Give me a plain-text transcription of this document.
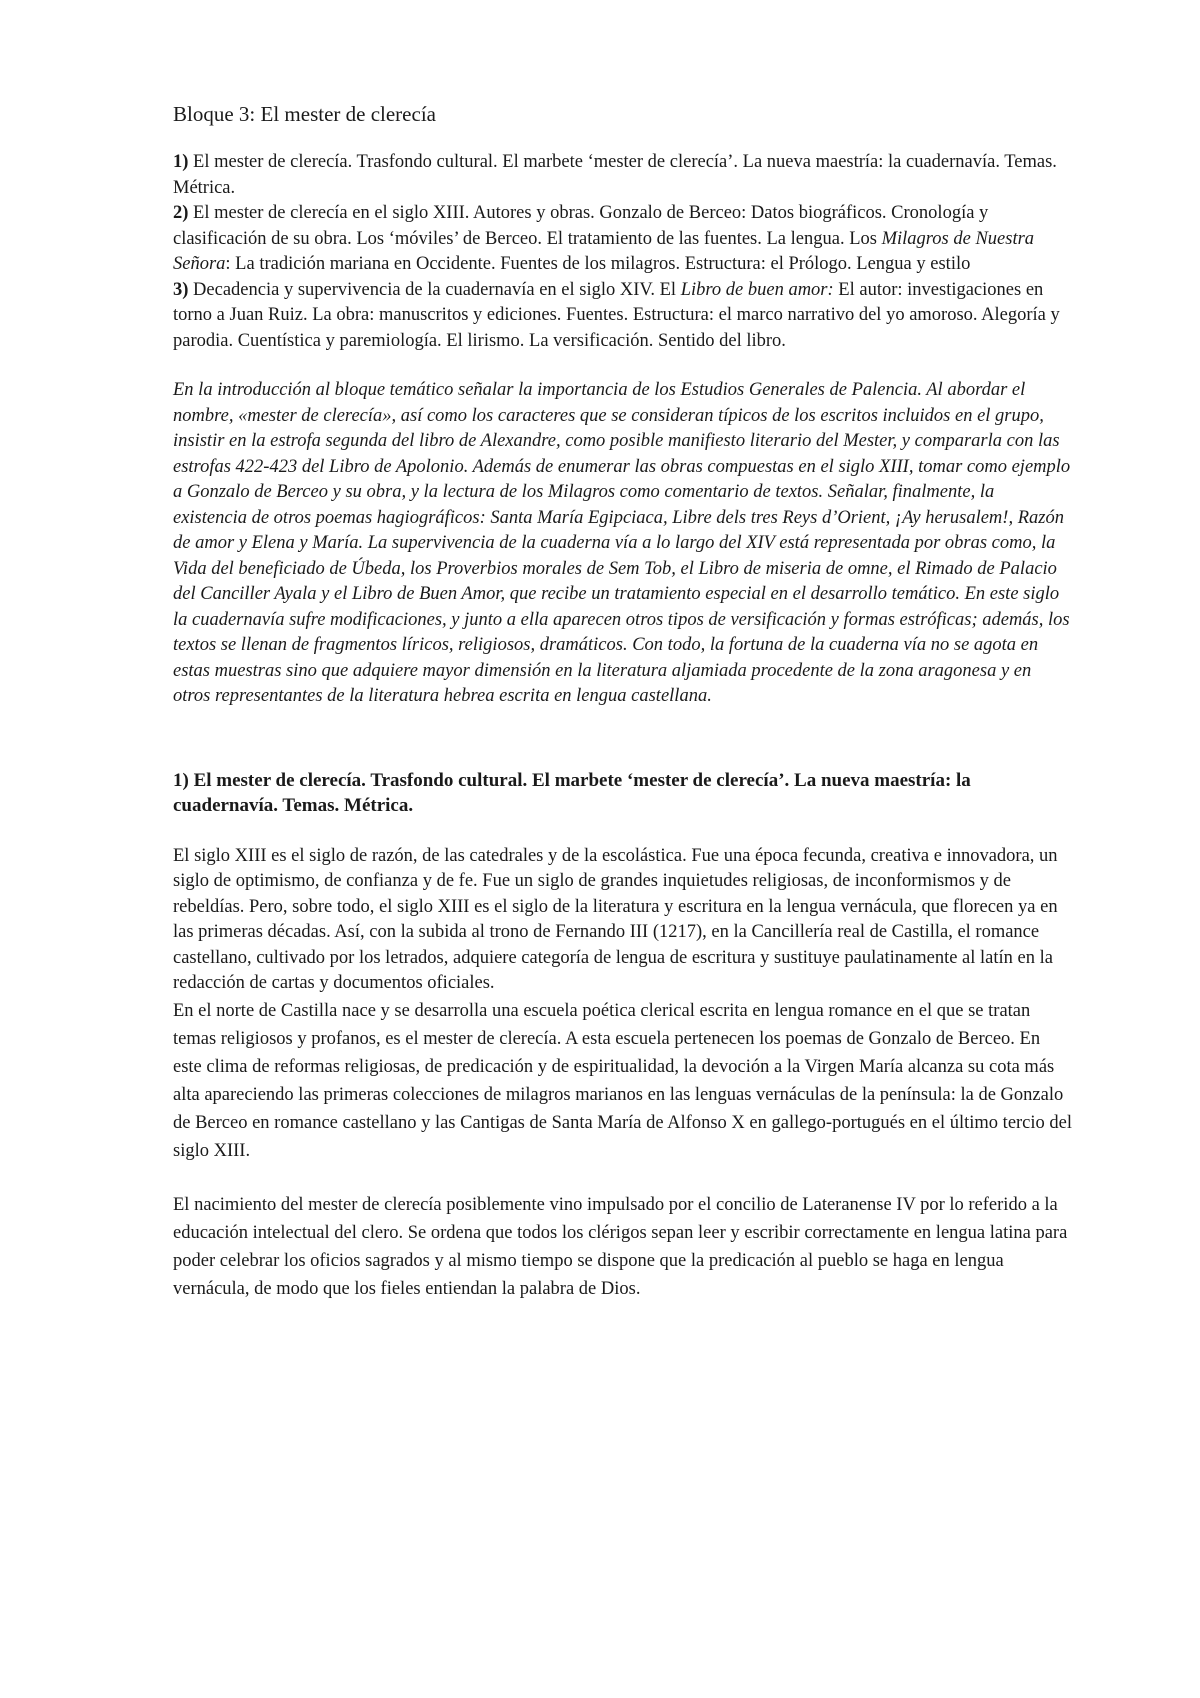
Bloque 3: El mester de clerecía

1) El mester de clerecía. Trasfondo cultural. El marbete ‘mester de clerecía’. La nueva maestría: la cuadernavía. Temas. Métrica.

2) El mester de clerecía en el siglo XIII. Autores y obras. Gonzalo de Berceo: Datos biográficos. Cronología y clasificación de su obra. Los ‘móviles’ de Berceo. El tratamiento de las fuentes. La lengua. Los Milagros de Nuestra Señora: La tradición mariana en Occidente. Fuentes de los milagros. Estructura: el Prólogo. Lengua y estilo

3) Decadencia y supervivencia de la cuadernavía en el siglo XIV. El Libro de buen amor: El autor: investigaciones en torno a Juan Ruiz. La obra: manuscritos y ediciones. Fuentes. Estructura: el marco narrativo del yo amoroso. Alegoría y parodia. Cuentística y paremiología. El lirismo. La versificación. Sentido del libro.

En la introducción al bloque temático señalar la importancia de los Estudios Generales de Palencia. Al abordar el nombre, «mester de clerecía», así como los caracteres que se consideran típicos de los escritos incluidos en el grupo, insistir en la estrofa segunda del libro de Alexandre, como posible manifiesto literario del Mester, y compararla con las estrofas 422-423 del Libro de Apolonio. Además de enumerar las obras compuestas en el siglo XIII, tomar como ejemplo a Gonzalo de Berceo y su obra, y la lectura de los Milagros como comentario de textos. Señalar, finalmente, la existencia de otros poemas hagiográficos: Santa María Egipciaca, Libre dels tres Reys d’Orient, ¡Ay herusalem!, Razón de amor y Elena y María. La supervivencia de la cuaderna vía a lo largo del XIV está representada por obras como, la Vida del beneficiado de Úbeda, los Proverbios morales de Sem Tob, el Libro de miseria de omne, el Rimado de Palacio del Canciller Ayala y el Libro de Buen Amor, que recibe un tratamiento especial en el desarrollo temático. En este siglo la cuadernavía sufre modificaciones, y junto a ella aparecen otros tipos de versificación y formas estróficas; además, los textos se llenan de fragmentos líricos, religiosos, dramáticos. Con todo, la fortuna de la cuaderna vía no se agota en estas muestras sino que adquiere mayor dimensión en la literatura aljamiada procedente de la zona aragonesa y en otros representantes de la literatura hebrea escrita en lengua castellana.

1) El mester de clerecía. Trasfondo cultural. El marbete ‘mester de clerecía’. La nueva maestría: la cuadernavía. Temas. Métrica.

El siglo XIII es el siglo de razón, de las catedrales y de la escolástica. Fue una época fecunda, creativa e innovadora, un siglo de optimismo, de confianza y de fe. Fue un siglo de grandes inquietudes religiosas, de inconformismos y de rebeldías. Pero, sobre todo, el siglo XIII es el siglo de la literatura y escritura en la lengua vernácula, que florecen ya en las primeras décadas. Así, con la subida al trono de Fernando III (1217), en la Cancillería real de Castilla, el romance castellano, cultivado por los letrados, adquiere categoría de lengua de escritura y sustituye paulatinamente al latín en la redacción de cartas y documentos oficiales.

En el norte de Castilla nace y se desarrolla una escuela poética clerical escrita en lengua romance en el que se tratan temas religiosos y profanos, es el mester de clerecía. A esta escuela pertenecen los poemas de Gonzalo de Berceo. En este clima de reformas religiosas, de predicación y de espiritualidad, la devoción a la Virgen María alcanza su cota más alta apareciendo las primeras colecciones de milagros marianos en las lenguas vernáculas de la península: la de Gonzalo de Berceo en romance castellano y las Cantigas de Santa María de Alfonso X en gallego-portugués en el último tercio del siglo XIII.

El nacimiento del mester de clerecía posiblemente vino impulsado por el concilio de Lateranense IV por lo referido a la educación intelectual del clero. Se ordena que todos los clérigos sepan leer y escribir correctamente en lengua latina para poder celebrar los oficios sagrados y al mismo tiempo se dispone que la predicación al pueblo se haga en lengua vernácula, de modo que los fieles entiendan la palabra de Dios.
